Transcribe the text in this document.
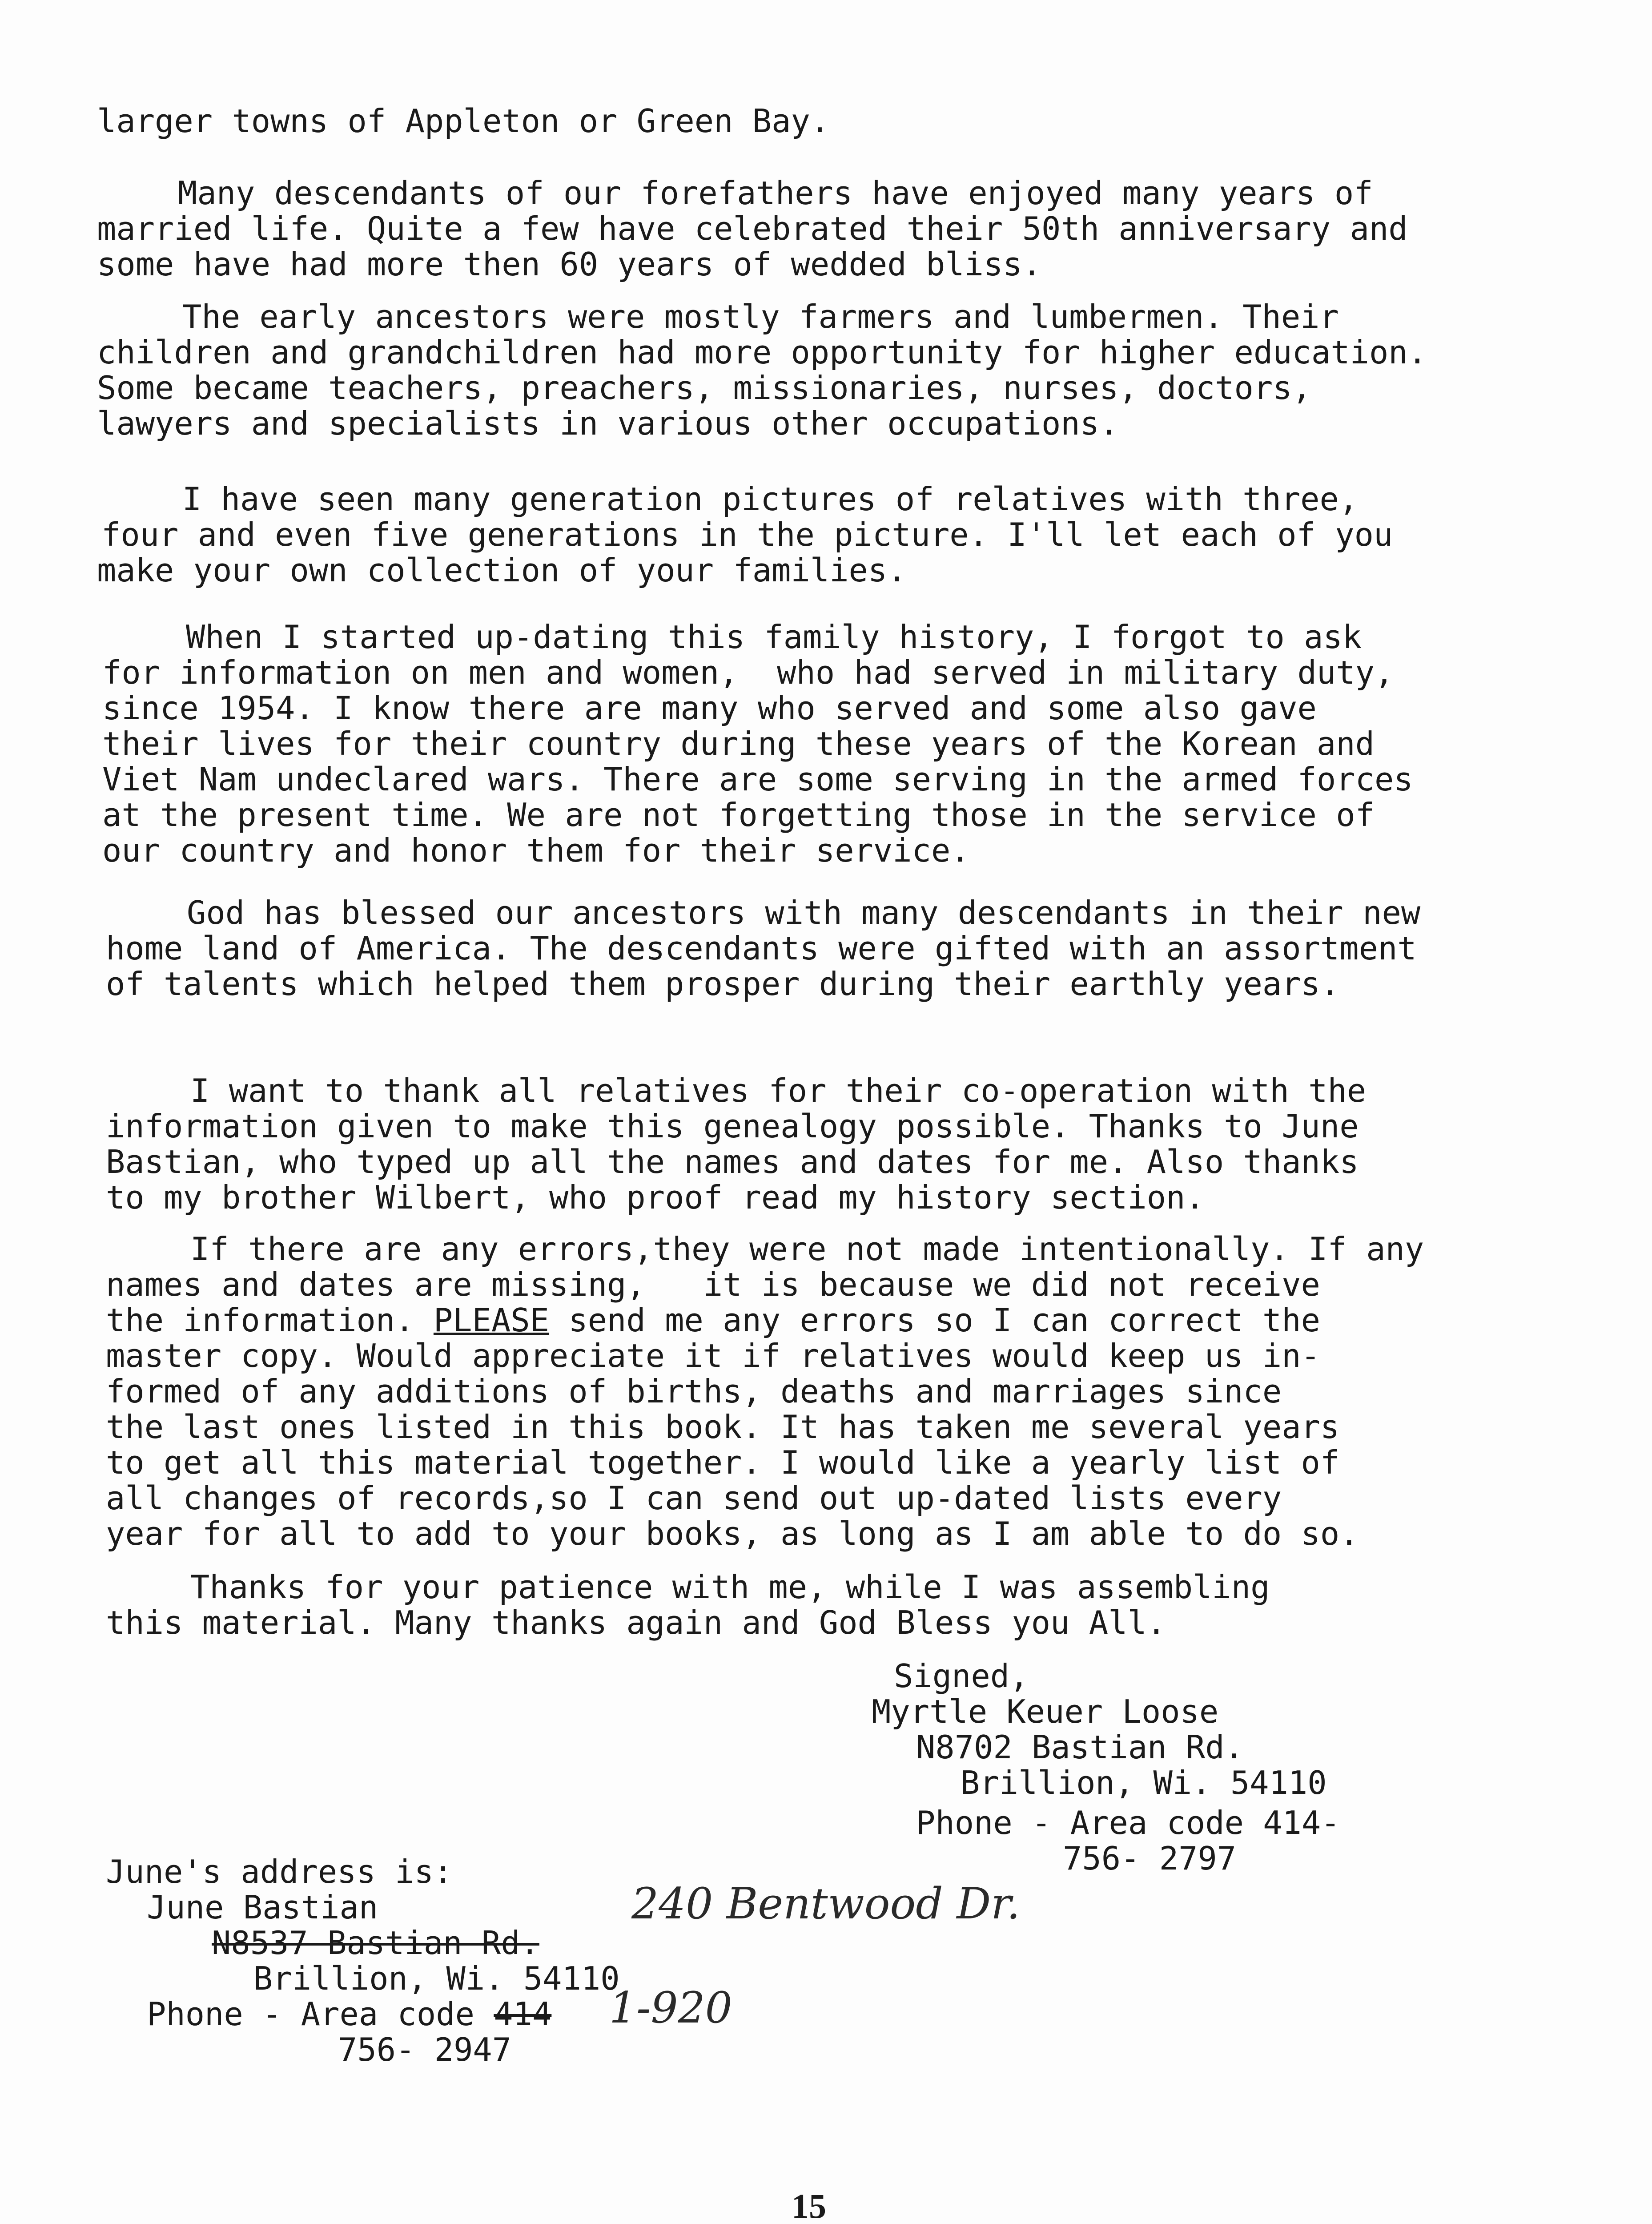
larger towns of Appleton or Green Bay.
Many descendants of our forefathers have enjoyed many years of
married life. Quite a few have celebrated their 50th anniversary and
some have had more then 60 years of wedded bliss.
The early ancestors were mostly farmers and lumbermen. Their
children and grandchildren had more opportunity for higher education.
Some became teachers, preachers, missionaries, nurses, doctors,
lawyers and specialists in various other occupations.
I have seen many generation pictures of relatives with three,
four and even five generations in the picture. I'll let each of you
make your own collection of your families.
When I started up-dating this family history, I forgot to ask
for information on men and women,  who had served in military duty,
since 1954. I know there are many who served and some also gave
their lives for their country during these years of the Korean and
Viet Nam undeclared wars. There are some serving in the armed forces
at the present time. We are not forgetting those in the service of
our country and honor them for their service.
God has blessed our ancestors with many descendants in their new
home land of America. The descendants were gifted with an assortment
of talents which helped them prosper during their earthly years.
I want to thank all relatives for their co-operation with the
information given to make this genealogy possible. Thanks to June
Bastian, who typed up all the names and dates for me. Also thanks
to my brother Wilbert, who proof read my history section.
If there are any errors,they were not made intentionally. If any
names and dates are missing,   it is because we did not receive
the information. PLEASE send me any errors so I can correct the
master copy. Would appreciate it if relatives would keep us in-
formed of any additions of births, deaths and marriages since
the last ones listed in this book. It has taken me several years
to get all this material together. I would like a yearly list of
all changes of records,so I can send out up-dated lists every
year for all to add to your books, as long as I am able to do so.
Thanks for your patience with me, while I was assembling
this material. Many thanks again and God Bless you All.
Signed,
Myrtle Keuer Loose
N8702 Bastian Rd.
Brillion, Wi. 54110
Phone - Area code 414-
756- 2797
June's address is:
June Bastian
N8537 Bastian Rd.
240 Bentwood Dr.
Brillion, Wi. 54110
Phone - Area code 414 1-920
756- 2947
15
